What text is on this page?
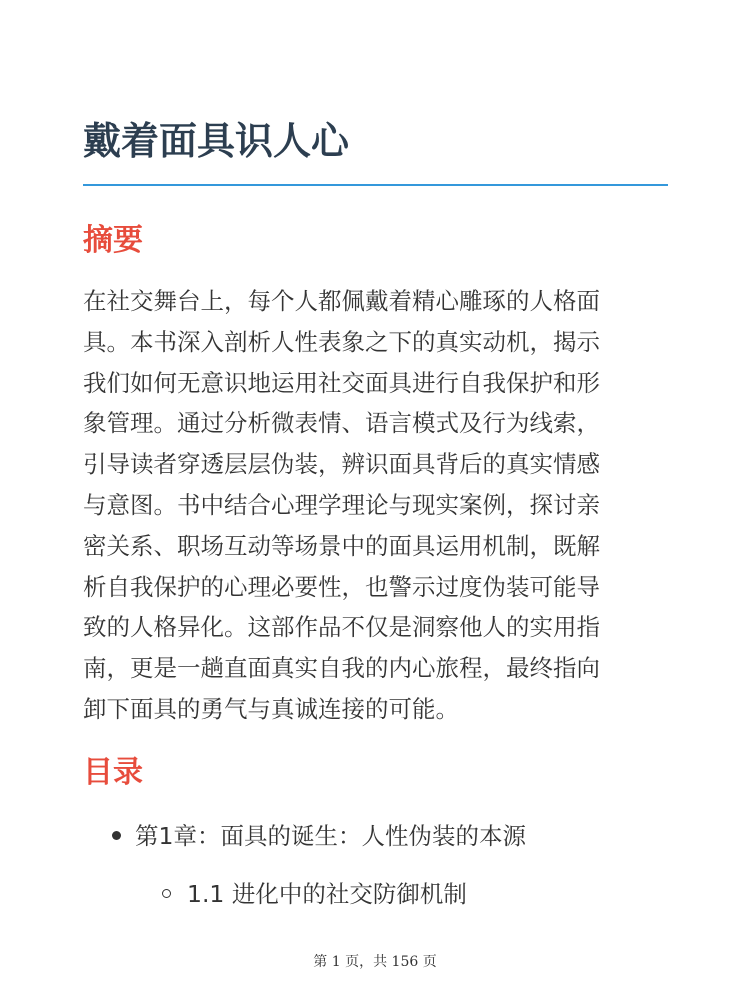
戴着面具识人心
摘要

在社交舞台上，每个人都佩戴着精心雕琢的人格面
具。本书深入剖析人性表象之下的真实动机，揭示
我们如何无意识地运用社交面具进行自我保护和形
象管理。通过分析微表情、语言模式及行为线索，
引导读者穿透层层伪装，辨识面具背后的真实情感
与意图。书中结合心理学理论与现实案例，探讨亲
密关系、职场互动等场景中的面具运用机制，既解
析自我保护的心理必要性，也警示过度伪装可能导
致的人格异化。这部作品不仅是洞察他人的实用指
南，更是一趟直面真实自我的内心旅程，最终指向
卸下面具的勇气与真诚连接的可能。

目录
第1章：面具的诞生：人性伪装的本源
1.1 进化中的社交防御机制
第 1 页，共 156 页
